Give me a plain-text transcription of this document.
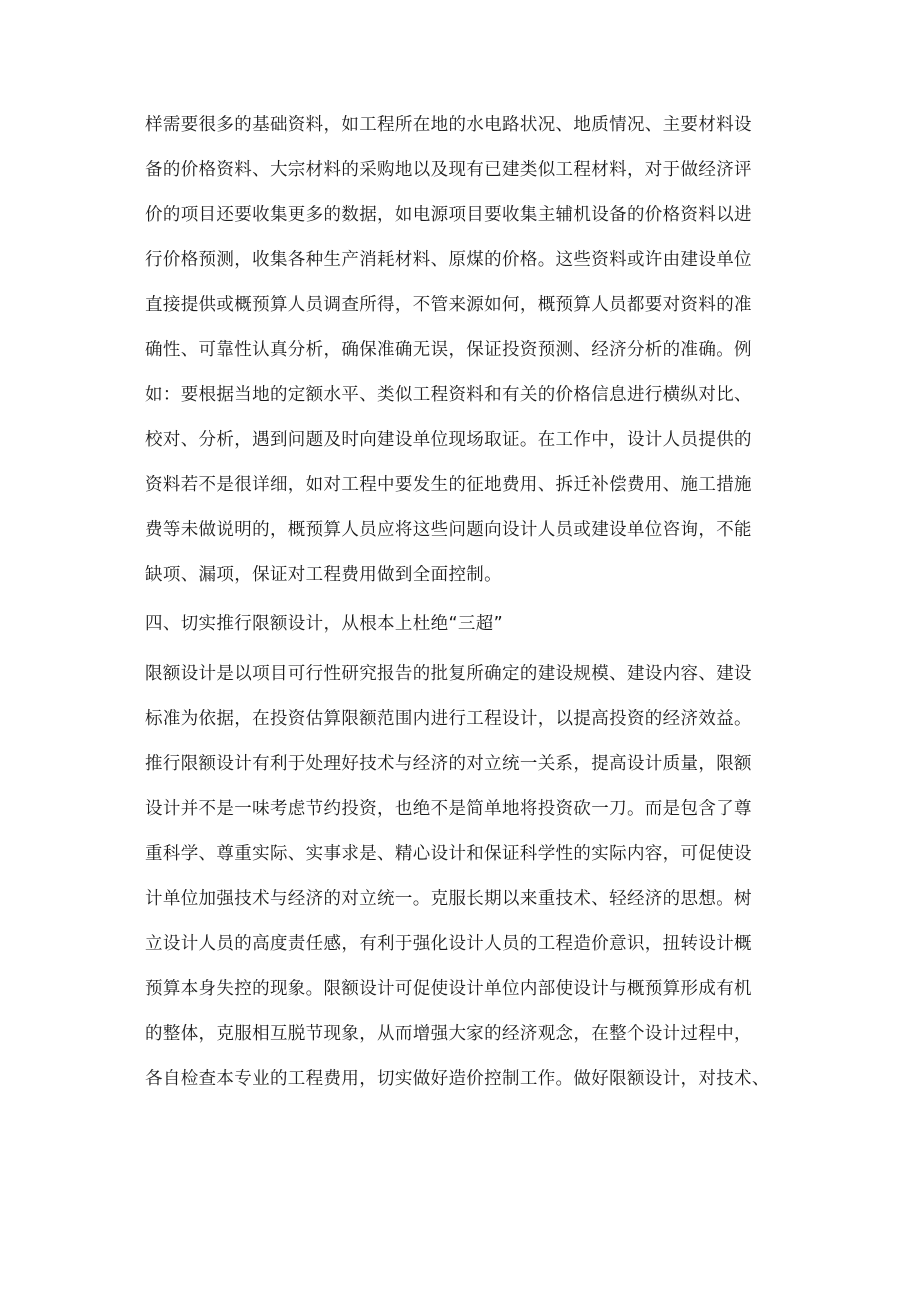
样需要很多的基础资料，如工程所在地的水电路状况、地质情况、主要材料设
备的价格资料、大宗材料的采购地以及现有已建类似工程材料，对于做经济评
价的项目还要收集更多的数据，如电源项目要收集主辅机设备的价格资料以进
行价格预测，收集各种生产消耗材料、原煤的价格。这些资料或许由建设单位
直接提供或概预算人员调查所得，不管来源如何，概预算人员都要对资料的准
确性、可靠性认真分析，确保准确无误，保证投资预测、经济分析的准确。例
如：要根据当地的定额水平、类似工程资料和有关的价格信息进行横纵对比、
校对、分析，遇到问题及时向建设单位现场取证。在工作中，设计人员提供的
资料若不是很详细，如对工程中要发生的征地费用、拆迁补偿费用、施工措施
费等未做说明的，概预算人员应将这些问题向设计人员或建设单位咨询，不能
缺项、漏项，保证对工程费用做到全面控制。
四、切实推行限额设计，从根本上杜绝“三超”
限额设计是以项目可行性研究报告的批复所确定的建设规模、建设内容、建设
标准为依据，在投资估算限额范围内进行工程设计，以提高投资的经济效益。
推行限额设计有利于处理好技术与经济的对立统一关系，提高设计质量，限额
设计并不是一味考虑节约投资，也绝不是简单地将投资砍一刀。而是包含了尊
重科学、尊重实际、实事求是、精心设计和保证科学性的实际内容，可促使设
计单位加强技术与经济的对立统一。克服长期以来重技术、轻经济的思想。树
立设计人员的高度责任感，有利于强化设计人员的工程造价意识，扭转设计概
预算本身失控的现象。限额设计可促使设计单位内部使设计与概预算形成有机
的整体，克服相互脱节现象，从而增强大家的经济观念，在整个设计过程中，
各自检查本专业的工程费用，切实做好造价控制工作。做好限额设计，对技术、
